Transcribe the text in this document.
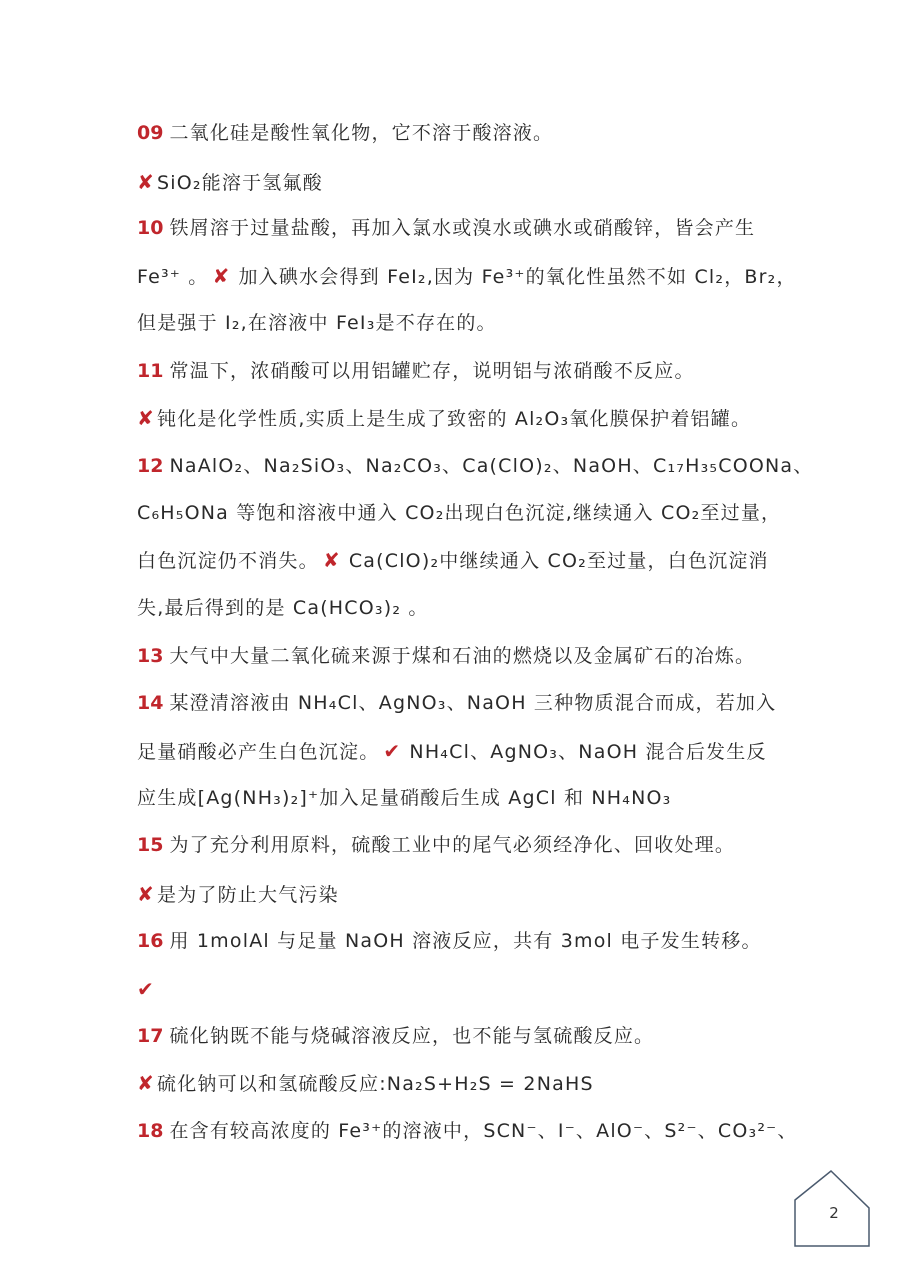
09 二氧化硅是酸性氧化物，它不溶于酸溶液。
✘ SiO₂能溶于氢氟酸
10 铁屑溶于过量盐酸，再加入氯水或溴水或碘水或硝酸锌，皆会产生
Fe³⁺ 。 ✘ 加入碘水会得到 FeI₂,因为 Fe³⁺的氧化性虽然不如 Cl₂，Br₂，
但是强于 I₂,在溶液中 FeI₃是不存在的。
11 常温下，浓硝酸可以用铝罐贮存，说明铝与浓硝酸不反应。
✘ 钝化是化学性质,实质上是生成了致密的 Al₂O₃氧化膜保护着铝罐。
12 NaAlO₂、Na₂SiO₃、Na₂CO₃、Ca(ClO)₂、NaOH、C₁₇H₃₅COONa、
C₆H₅ONa 等饱和溶液中通入 CO₂出现白色沉淀,继续通入 CO₂至过量，
白色沉淀仍不消失。 ✘ Ca(ClO)₂中继续通入 CO₂至过量，白色沉淀消
失,最后得到的是 Ca(HCO₃)₂ 。
13 大气中大量二氧化硫来源于煤和石油的燃烧以及金属矿石的冶炼。
14 某澄清溶液由 NH₄Cl、AgNO₃、NaOH 三种物质混合而成，若加入
足量硝酸必产生白色沉淀。 ✔ NH₄Cl、AgNO₃、NaOH 混合后发生反
应生成[Ag(NH₃)₂]⁺加入足量硝酸后生成 AgCl 和 NH₄NO₃
15 为了充分利用原料，硫酸工业中的尾气必须经净化、回收处理。
✘ 是为了防止大气污染
16 用 1molAl 与足量 NaOH 溶液反应，共有 3mol 电子发生转移。
✔
17 硫化钠既不能与烧碱溶液反应，也不能与氢硫酸反应。
✘ 硫化钠可以和氢硫酸反应:Na₂S+H₂S = 2NaHS
18 在含有较高浓度的 Fe³⁺的溶液中，SCN⁻、I⁻、AlO⁻、S²⁻、CO₃²⁻、
2
